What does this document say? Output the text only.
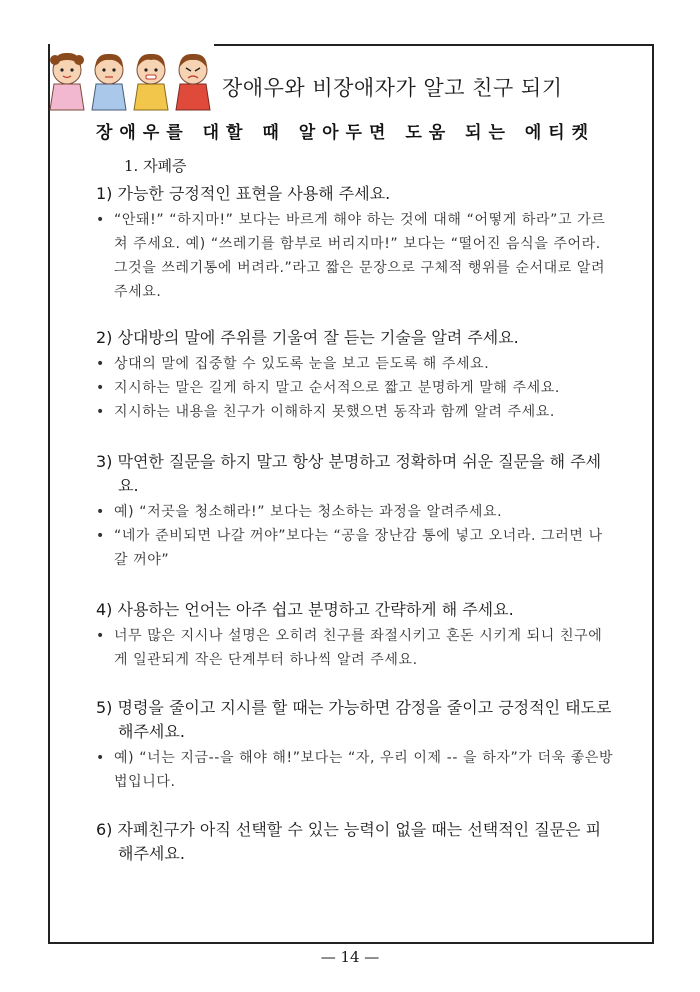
장애우와 비장애자가 알고 친구 되기
장애우를 대할 때 알아두면 도움 되는 에티켓
1. 자폐증

1) 가능한 긍정적인 표현을 사용해 주세요.

• “안돼!” “하지마!” 보다는 바르게 해야 하는 것에 대해 “어떻게 하라”고 가르쳐 주세요. 예) “쓰레기를 함부로 버리지마!” 보다는 “떨어진 음식을 주어라. 그것을 쓰레기통에 버려라.”라고 짧은 문장으로 구체적 행위를 순서대로 알려주세요.

2) 상대방의 말에 주위를 기울여 잘 듣는 기술을 알려 주세요.

• 상대의 말에 집중할 수 있도록 눈을 보고 듣도록 해 주세요.
• 지시하는 말은 길게 하지 말고 순서적으로 짧고 분명하게 말해 주세요.
• 지시하는 내용을 친구가 이해하지 못했으면 동작과 함께 알려 주세요.

3) 막연한 질문을 하지 말고 항상 분명하고 정확하며 쉬운 질문을 해 주세요.

• 예) “저곳을 청소해라!” 보다는 청소하는 과정을 알려주세요.
• “네가 준비되면 나갈 꺼야”보다는 “공을 장난감 통에 넣고 오너라. 그러면 나갈 꺼야”

4) 사용하는 언어는 아주 쉽고 분명하고 간략하게 해 주세요.

• 너무 많은 지시나 설명은 오히려 친구를 좌절시키고 혼돈 시키게 되니 친구에게 일관되게 작은 단계부터 하나씩 알려 주세요.

5) 명령을 줄이고 지시를 할 때는 가능하면 감정을 줄이고 긍정적인 태도로 해주세요.

• 예) “너는 지금--을 해야 해!”보다는 “자, 우리 이제 -- 을 하자”가 더욱 좋은방법입니다.

6) 자폐친구가 아직 선택할 수 있는 능력이 없을 때는 선택적인 질문은 피해주세요.

— 14 —
